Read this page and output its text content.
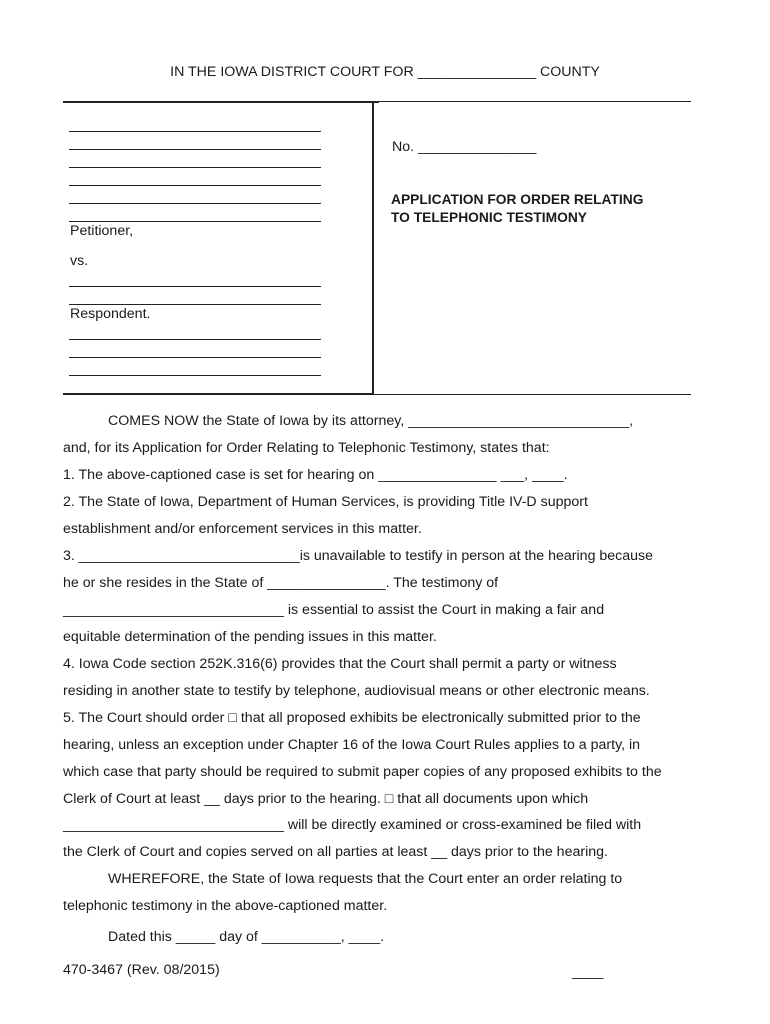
IN THE IOWA DISTRICT COURT FOR _______________ COUNTY
Petitioner,
vs.
Respondent.
No. _______________
APPLICATION FOR ORDER RELATING
TO TELEPHONIC TESTIMONY
COMES NOW the State of Iowa by its attorney, ____________________________,
and, for its Application for Order Relating to Telephonic Testimony, states that:
1. The above-captioned case is set for hearing on _______________ ___, ____.
2. The State of Iowa, Department of Human Services, is providing Title IV-D support
establishment and/or enforcement services in this matter.
3. ____________________________is unavailable to testify in person at the hearing because
he or she resides in the State of _______________. The testimony of
____________________________ is essential to assist the Court in making a fair and
equitable determination of the pending issues in this matter.
4. Iowa Code section 252K.316(6) provides that the Court shall permit a party or witness
residing in another state to testify by telephone, audiovisual means or other electronic means.
5. The Court should order □ that all proposed exhibits be electronically submitted prior to the
hearing, unless an exception under Chapter 16 of the Iowa Court Rules applies to a party, in
which case that party should be required to submit paper copies of any proposed exhibits to the
Clerk of Court at least __ days prior to the hearing. □ that all documents upon which
____________________________ will be directly examined or cross-examined be filed with
the Clerk of Court and copies served on all parties at least __ days prior to the hearing.
WHEREFORE, the State of Iowa requests that the Court enter an order relating to
telephonic testimony in the above-captioned matter.
Dated this _____ day of __________, ____.
470-3467 (Rev. 08/2015)	____
